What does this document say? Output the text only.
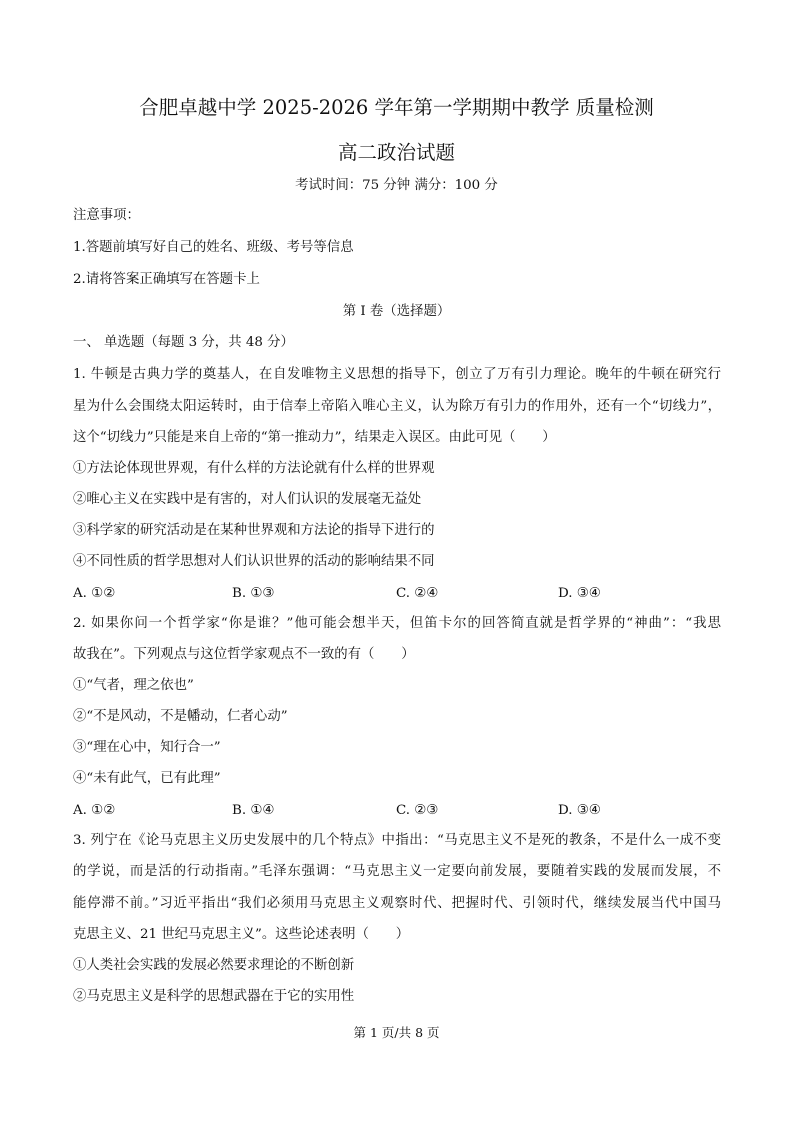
合肥卓越中学 2025-2026 学年第一学期期中教学 质量检测
高二政治试题
考试时间：75 分钟 满分：100 分
注意事项：
1.答题前填写好自己的姓名、班级、考号等信息
2.请将答案正确填写在答题卡上
第 I 卷（选择题）
一、 单选题（每题 3 分，共 48 分）
1. 牛顿是古典力学的奠基人，在自发唯物主义思想的指导下，创立了万有引力理论。晚年的牛顿在研究行
星为什么会围绕太阳运转时，由于信奉上帝陷入唯心主义，认为除万有引力的作用外，还有一个“切线力”，
这个“切线力”只能是来自上帝的“第一推动力”，结果走入误区。由此可见（　　）
①方法论体现世界观，有什么样的方法论就有什么样的世界观
②唯心主义在实践中是有害的，对人们认识的发展毫无益处
③科学家的研究活动是在某种世界观和方法论的指导下进行的
④不同性质的哲学思想对人们认识世界的活动的影响结果不同
A. ①②	B. ①③	C. ②④	D. ③④
2. 如果你问一个哲学家“你是谁？”他可能会想半天，但笛卡尔的回答简直就是哲学界的“神曲”：“我思
故我在”。下列观点与这位哲学家观点不一致的有（　　）
①“气者，理之依也”
②“不是风动，不是幡动，仁者心动”
③“理在心中，知行合一”
④“未有此气，已有此理”
A. ①②	B. ①④	C. ②③	D. ③④
3. 列宁在《论马克思主义历史发展中的几个特点》中指出：“马克思主义不是死的教条，不是什么一成不变
的学说，而是活的行动指南。”毛泽东强调：“马克思主义一定要向前发展，要随着实践的发展而发展，不
能停滞不前。”习近平指出“我们必须用马克思主义观察时代、把握时代、引领时代，继续发展当代中国马
克思主义、21 世纪马克思主义”。这些论述表明（　　）
①人类社会实践的发展必然要求理论的不断创新
②马克思主义是科学的思想武器在于它的实用性
第 1 页/共 8 页
